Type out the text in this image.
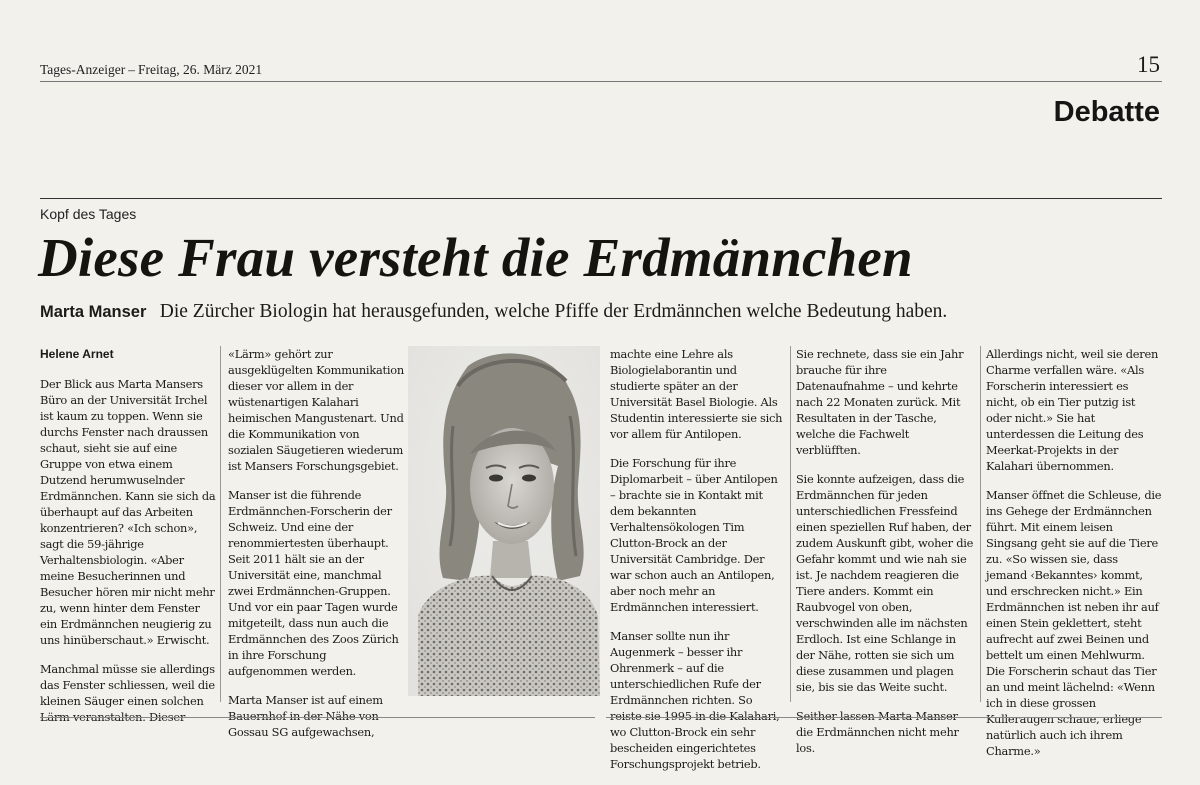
Tages-Anzeiger – Freitag, 26. März 2021	15
Debatte
Kopf des Tages
Diese Frau versteht die Erdmännchen
Marta Manser Die Zürcher Biologin hat herausgefunden, welche Pfiffe der Erdmännchen welche Bedeutung haben.

Helene Arnet

Der Blick aus Marta Mansers Büro an der Universität Irchel ist kaum zu toppen. Wenn sie durchs Fenster nach draussen schaut, sieht sie auf eine Gruppe von etwa einem Dutzend herumwuselnder Erdmännchen. Kann sie sich da überhaupt auf das Arbeiten konzentrieren? «Ich schon», sagt die 59-jährige Verhaltensbiologin. «Aber meine Besucherinnen und Besucher hören mir nicht mehr zu, wenn hinter dem Fenster ein Erdmännchen neugierig zu uns hinüberschaut.» Erwischt.

Manchmal müsse sie allerdings das Fenster schliessen, weil die kleinen Säuger einen solchen Lärm veranstalten. Dieser

«Lärm» gehört zur ausgeklügelten Kommunikation dieser vor allem in der wüstenartigen Kalahari heimischen Mangustenart. Und die Kommunikation von sozialen Säugetieren wiederum ist Mansers Forschungsgebiet.

Manser ist die führende Erdmännchen-Forscherin der Schweiz. Und eine der renommiertesten überhaupt. Seit 2011 hält sie an der Universität eine, manchmal zwei Erdmännchen-Gruppen. Und vor ein paar Tagen wurde mitgeteilt, dass nun auch die Erdmännchen des Zoos Zürich in ihre Forschung aufgenommen werden.

Marta Manser ist auf einem Bauernhof in der Nähe von Gossau SG aufgewachsen,

machte eine Lehre als Biologielaborantin und studierte später an der Universität Basel Biologie. Als Studentin interessierte sie sich vor allem für Antilopen.

Die Forschung für ihre Diplomarbeit – über Antilopen – brachte sie in Kontakt mit dem bekannten Verhaltensökologen Tim Clutton-Brock an der Universität Cambridge. Der war schon auch an Antilopen, aber noch mehr an Erdmännchen interessiert.

Manser sollte nun ihr Augenmerk – besser ihr Ohrenmerk – auf die unterschiedlichen Rufe der Erdmännchen richten. So reiste sie 1995 in die Kalahari, wo Clutton-Brock ein sehr bescheiden eingerichtetes Forschungsprojekt betrieb.

Sie rechnete, dass sie ein Jahr brauche für ihre Datenaufnahme – und kehrte nach 22 Monaten zurück. Mit Resultaten in der Tasche, welche die Fachwelt verblüfften.

Sie konnte aufzeigen, dass die Erdmännchen für jeden unterschiedlichen Fressfeind einen speziellen Ruf haben, der zudem Auskunft gibt, woher die Gefahr kommt und wie nah sie ist. Je nachdem reagieren die Tiere anders. Kommt ein Raubvogel von oben, verschwinden alle im nächsten Erdloch. Ist eine Schlange in der Nähe, rotten sie sich um diese zusammen und plagen sie, bis sie das Weite sucht.

Seither lassen Marta Manser die Erdmännchen nicht mehr los.

Allerdings nicht, weil sie deren Charme verfallen wäre. «Als Forscherin interessiert es nicht, ob ein Tier putzig ist oder nicht.» Sie hat unterdessen die Leitung des Meerkat-Projekts in der Kalahari übernommen.

Manser öffnet die Schleuse, die ins Gehege der Erdmännchen führt. Mit einem leisen Singsang geht sie auf die Tiere zu. «So wissen sie, dass jemand ‹Bekanntes› kommt, und erschrecken nicht.» Ein Erdmännchen ist neben ihr auf einen Stein geklettert, steht aufrecht auf zwei Beinen und bettelt um einen Mehlwurm. Die Forscherin schaut das Tier an und meint lächelnd: «Wenn ich in diese grossen Kulleraugen schaue, erliege natürlich auch ich ihrem Charme.»
